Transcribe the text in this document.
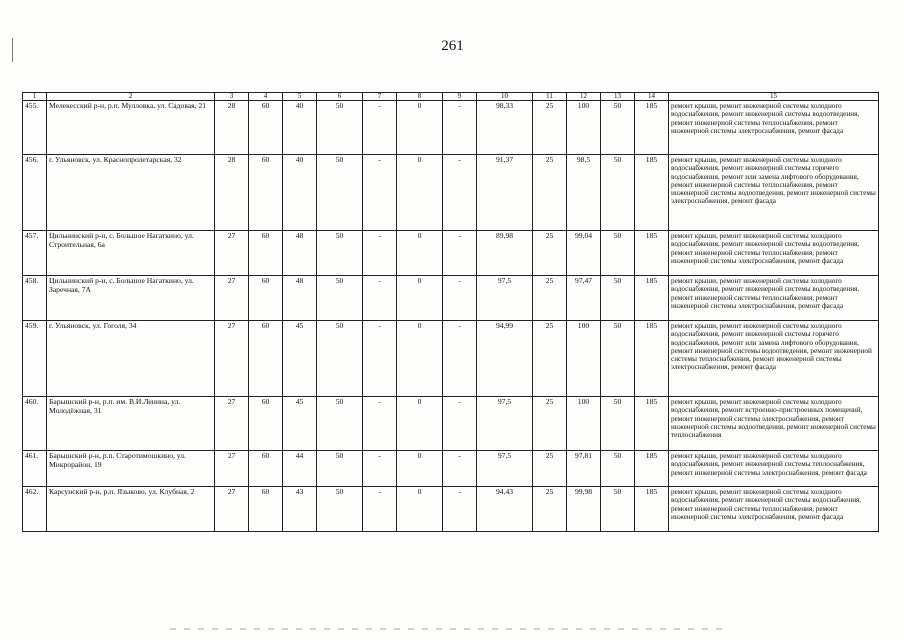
261
1	2	3	4	5	6	7	8	9	10	11	12	13	14	15
455.	Мелекесский р-н, р.п. Мулловка, ул. Садовая, 21	28	60	40	50	-	0	-	98,33	25	100	50	185	ремонт крыши, ремонт инженерной системы холодного водоснабжения, ремонт инженерной системы водоотведения, ремонт инженерной системы теплоснабжения, ремонт инженерной системы электроснабжения, ремонт фасада
456.	г. Ульяновск, ул. Краснопролетарская, 32	28	60	40	50	-	0	-	91,37	25	98,5	50	185	ремонт крыши, ремонт инженерной системы холодного водоснабжения, ремонт инженерной системы горячего водоснабжения, ремонт или замена лифтового оборудования, ремонт инженерной системы теплоснабжения, ремонт инженерной системы водоотведения, ремонт инженерной системы электроснабжения, ремонт фасада
457.	Цильнинский р-н, с. Большое Нагаткино, ул. Строительная, 6а	27	60	48	50	-	0	-	89,98	25	99,04	50	185	ремонт крыши, ремонт инженерной системы холодного водоснабжения, ремонт инженерной системы водоотведения, ремонт инженерной системы теплоснабжения, ремонт инженерной системы электроснабжения, ремонт фасада
458.	Цильнинский р-н, с. Большое Нагаткино, ул. Заречная, 7А	27	60	48	50	-	0	-	97,5	25	97,47	50	185	ремонт крыши, ремонт инженерной системы холодного водоснабжения, ремонт инженерной системы водоотведения, ремонт инженерной системы теплоснабжения, ремонт инженерной системы электроснабжения, ремонт фасада
459.	г. Ульяновск, ул. Гоголя, 34	27	60	45	50	-	0	-	94,99	25	100	50	185	ремонт крыши, ремонт инженерной системы холодного водоснабжения, ремонт инженерной системы горячего водоснабжения, ремонт или замена лифтового оборудования, ремонт инженерной системы водоотведения, ремонт инженерной системы теплоснабжения, ремонт инженерной системы электроснабжения, ремонт фасада
460.	Барышский р-н, р.п. им. В.И.Ленина, ул. Молодёжная, 31	27	60	45	50	-	0	-	97,5	25	100	50	185	ремонт крыши, ремонт инженерной системы холодного водоснабжения, ремонт встроенно-пристроенных помещений, ремонт инженерной системы электроснабжения, ремонт инженерной системы водоотведения, ремонт инженерной системы теплоснабжения
461.	Барышский р-н, р.п. Старотимошкино, ул. Микрорайон, 19	27	60	44	50	-	0	-	97,5	25	97,81	50	185	ремонт крыши, ремонт инженерной системы холодного водоснабжения, ремонт инженерной системы теплоснабжения, ремонт инженерной системы электроснабжения, ремонт фасада
462.	Карсунский р-н, р.п. Языково, ул. Клубная, 2	27	60	43	50	-	0	-	94,43	25	99,98	50	185	ремонт крыши, ремонт инженерной системы холодного водоснабжения, ремонт инженерной системы водоснабжения, ремонт инженерной системы теплоснабжения, ремонт инженерной системы электроснабжения, ремонт фасада
